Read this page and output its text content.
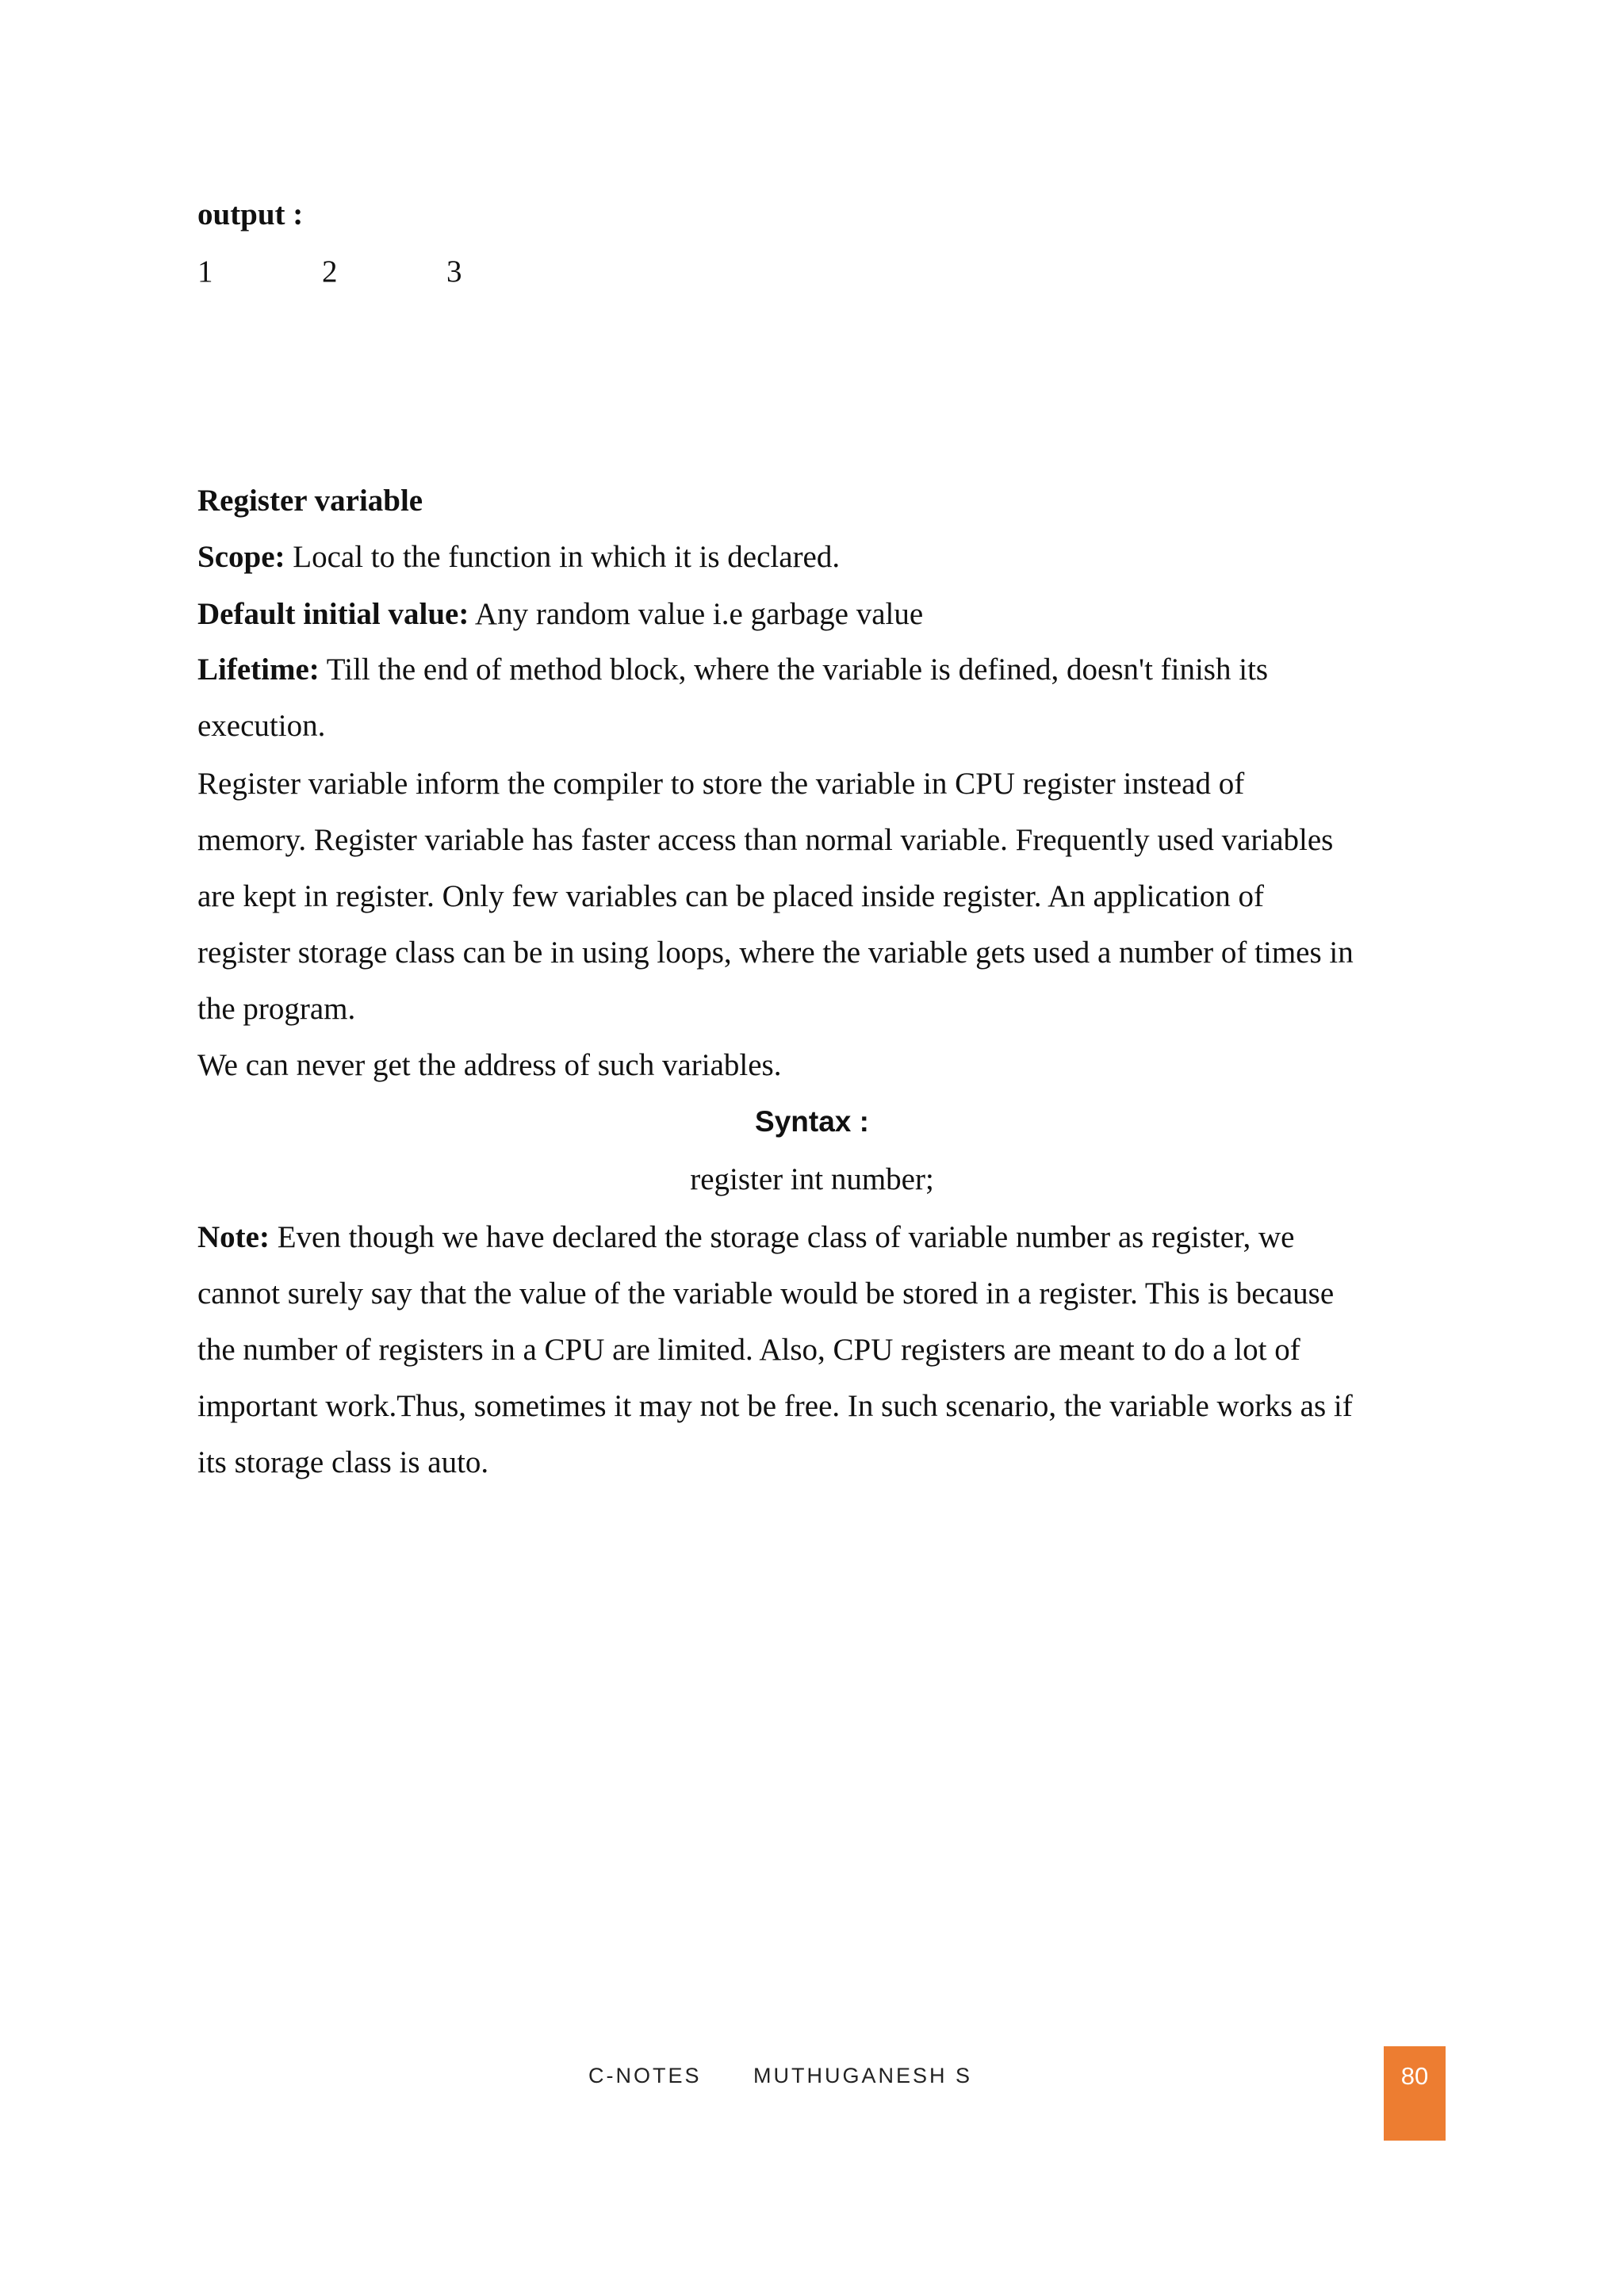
output :

1	2	3

Register variable

Scope: Local to the function in which it is declared.

Default initial value: Any random value i.e garbage value

Lifetime: Till the end of method block, where the variable is defined, doesn't finish its

execution.

Register variable inform the compiler to store the variable in CPU register instead of

memory. Register variable has faster access than normal variable. Frequently used variables

are kept in register. Only few variables can be placed inside register. An application of

register storage class can be in using loops, where the variable gets used a number of times in

the program.

We can never get the address of such variables.

Syntax :
register int number;

Note: Even though we have declared the storage class of variable number as register, we

cannot surely say that the value of the variable would be stored in a register. This is because

the number of registers in a CPU are limited. Also, CPU registers are meant to do a lot of

important work.Thus, sometimes it may not be free. In such scenario, the variable works as if

its storage class is auto.

C-NOTES MUTHUGANESH S	80
